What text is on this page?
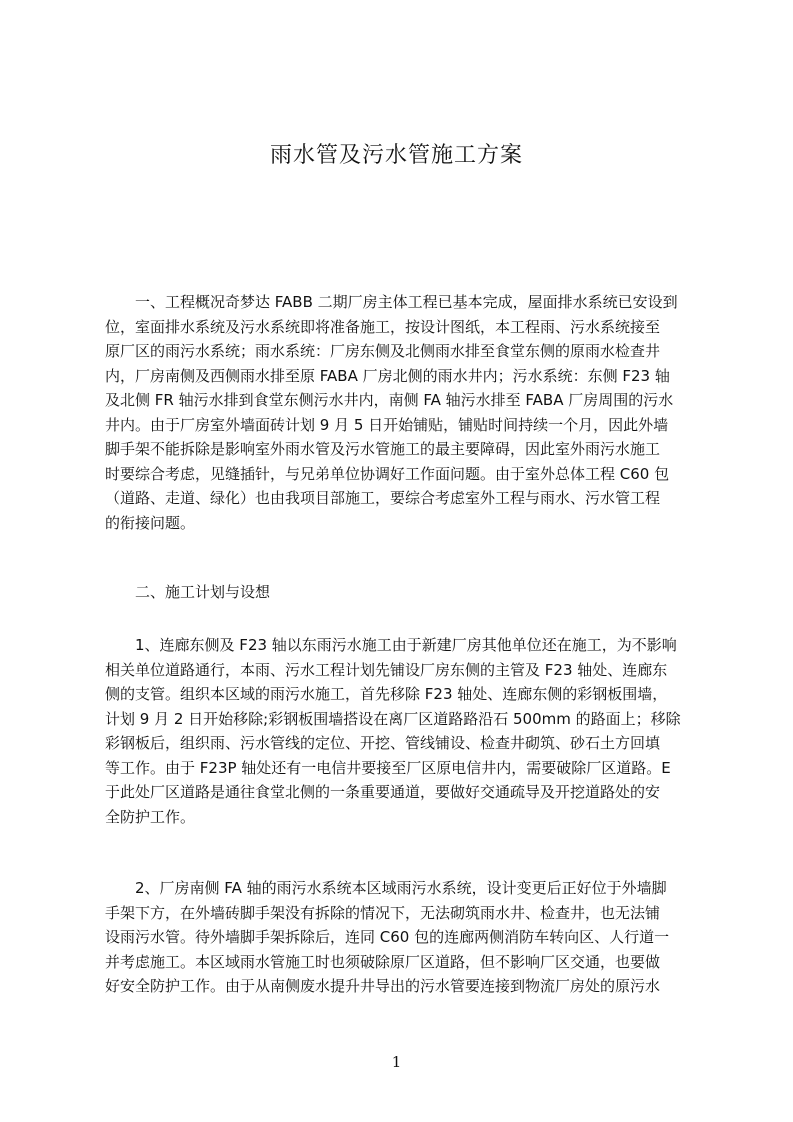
雨水管及污水管施工方案
一、工程概况奇梦达 FABB 二期厂房主体工程已基本完成，屋面排水系统已安设到
位，室面排水系统及污水系统即将准备施工，按设计图纸，本工程雨、污水系统接至
原厂区的雨污水系统；雨水系统：厂房东侧及北侧雨水排至食堂东侧的原雨水检查井
内，厂房南侧及西侧雨水排至原 FABA 厂房北侧的雨水井内；污水系统：东侧 F23 轴
及北侧 FR 轴污水排到食堂东侧污水井内，南侧 FA 轴污水排至 FABA 厂房周围的污水
井内。由于厂房室外墙面砖计划 9 月 5 日开始铺贴，铺贴时间持续一个月，因此外墙
脚手架不能拆除是影响室外雨水管及污水管施工的最主要障碍，因此室外雨污水施工
时要综合考虑，见缝插针，与兄弟单位协调好工作面问题。由于室外总体工程 C60 包
（道路、走道、绿化）也由我项目部施工，要综合考虑室外工程与雨水、污水管工程
的衔接问题。
二、施工计划与设想
1、连廊东侧及 F23 轴以东雨污水施工由于新建厂房其他单位还在施工，为不影响
相关单位道路通行，本雨、污水工程计划先铺设厂房东侧的主管及 F23 轴处、连廊东
侧的支管。组织本区域的雨污水施工，首先移除 F23 轴处、连廊东侧的彩钢板围墙，
计划 9 月 2 日开始移除;彩钢板围墙搭设在离厂区道路路沿石 500mm 的路面上；移除
彩钢板后，组织雨、污水管线的定位、开挖、管线铺设、检查井砌筑、砂石土方回填
等工作。由于 F23P 轴处还有一电信井要接至厂区原电信井内，需要破除厂区道路。E
于此处厂区道路是通往食堂北侧的一条重要通道，要做好交通疏导及开挖道路处的安
全防护工作。
2、厂房南侧 FA 轴的雨污水系统本区域雨污水系统，设计变更后正好位于外墙脚
手架下方，在外墙砖脚手架没有拆除的情况下，无法砌筑雨水井、检查井，也无法铺
设雨污水管。待外墙脚手架拆除后，连同 C60 包的连廊两侧消防车转向区、人行道一
并考虑施工。本区域雨水管施工时也须破除原厂区道路，但不影响厂区交通，也要做
好安全防护工作。由于从南侧废水提升井导出的污水管要连接到物流厂房处的原污水

1
